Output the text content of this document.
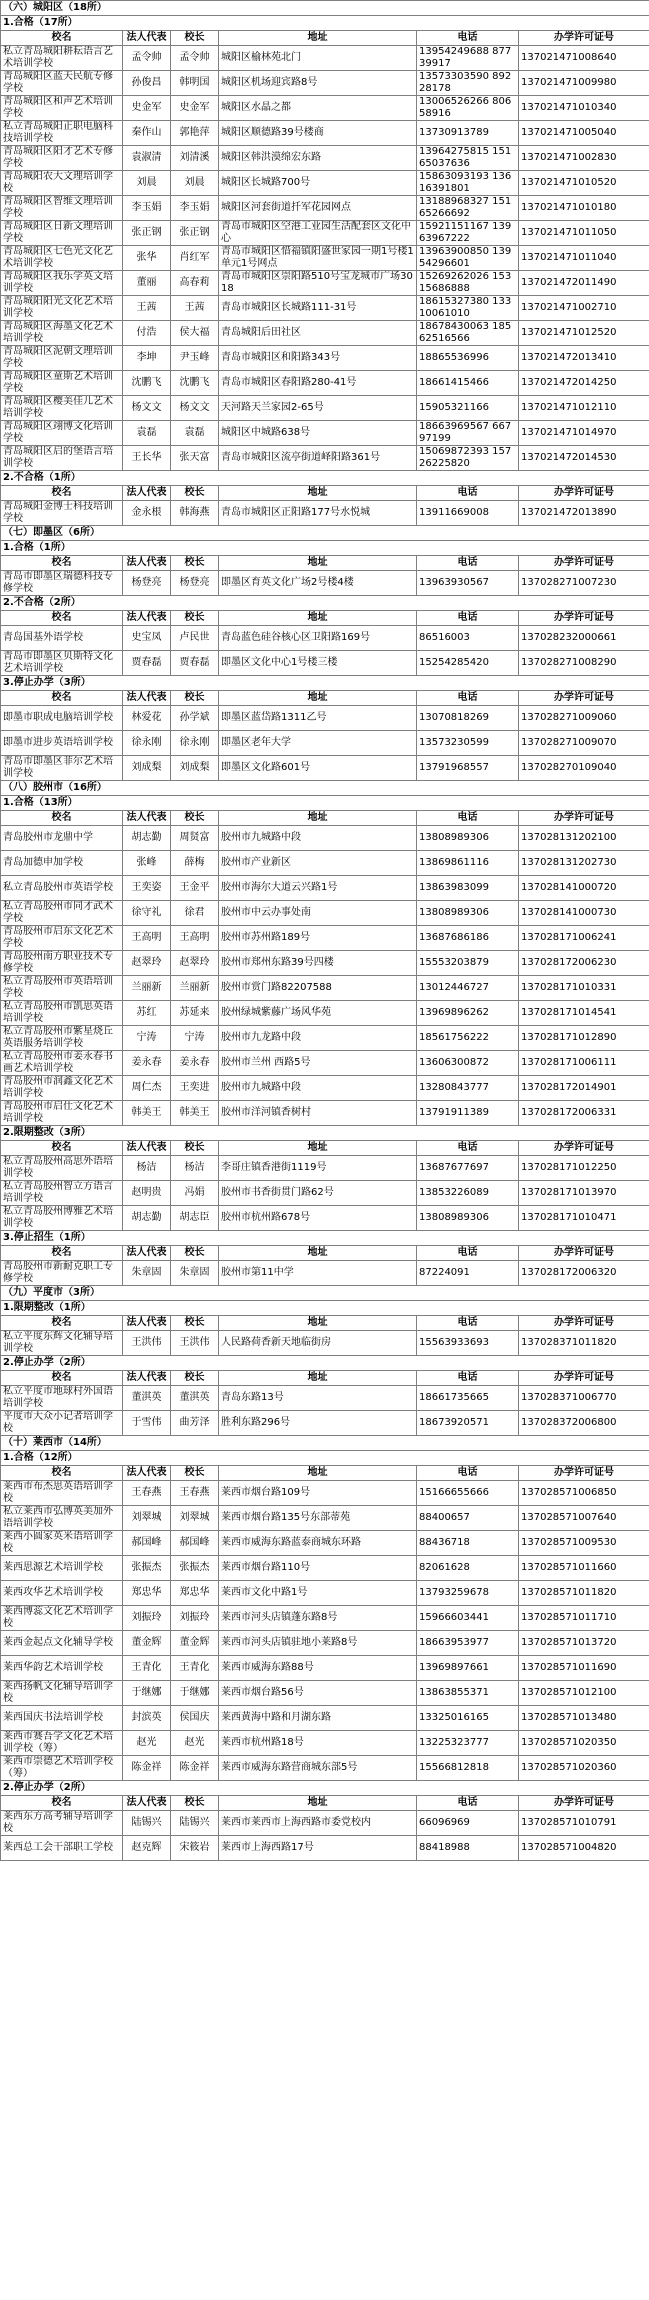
（六）城阳区（18所）					
1.合格（17所）					
校名	法人代表	校长	地址	电话	办学许可证号
私立青岛城阳耕耘语言艺术培训学校	孟令帅	孟令帅	城阳区榆林苑北门	13954249688 87739917	137021471008640
青岛城阳区蓝天民航专修学校	孙俊昌	韩明国	城阳区机场迎宾路8号	13573303590 89228178	137021471009980
青岛城阳区和声艺术培训学校	史金军	史金军	城阳区水晶之都	13006526266 80658916	137021471010340
私立青岛城阳正职电脑科技培训学校	秦作山	郭艳萍	城阳区顺德路39号楼商	13730913789	137021471005040
青岛城阳区阳才艺术专修学校	袁淑清	刘清溪	城阳区韩洪漠绵宏东路	13964275815 15165037636	137021471002830
青岛城阳农大文理培训学校	刘晨	刘晨	城阳区长城路700号	15863093193 13616391801	137021471010520
青岛城阳区智维文理培训学校	李玉娟	李玉娟	城阳区河套街道扦军花园网点	13188968327 15165266692	137021471010180
青岛城阳区日新文理培训学校	张正钢	张正钢	青岛市城阳区空港工业园生活配套区文化中心	15921151167 13963967222	137021471011050
青岛城阳区七色光文化艺术培训学校	张华	肖红军	青岛市城阳区惜福镇阳盛世家园一期1号楼1单元1号网点	13963900850 13954296601	137021471011040
青岛城阳区我乐学英文培训学校	董丽	高春莉	青岛市城阳区崇阳路510号宝龙城市广场3018	15269262026 15315686888	137021472011490
青岛城阳阳光文化艺术培训学校	王茜	王茜	青岛市城阳区长城路111-31号	18615327380 13310061010	137021471002710
青岛城阳区海墨文化艺术培训学校	付浩	侯大福	青岛城阳后田社区	18678430063 18562516566	137021471012520
青岛城阳区泥朝文理培训学校	李坤	尹玉峰	青岛市城阳区和阳路343号	18865536996	137021472013410
青岛城阳区童斯艺术培训学校	沈鹏飞	沈鹏飞	青岛市城阳区春阳路280-41号	18661415466	137021472014250
青岛城阳区樱美佳儿艺术培训学校	杨文文	杨文文	天河路天兰家园2-65号	15905321166	137021471012110
青岛城阳区翊博文化培训学校	袁磊	袁磊	城阳区中城路638号	18663969567 66797199	137021471014970
青岛城阳区启的堡语言培训学校	王长华	张天富	青岛市城阳区流亭街道峄阳路361号	15069872393 15726225820	137021472014530
2.不合格（1所）					
校名	法人代表	校长	地址	电话	办学许可证号
青岛城阳金博士科技培训学校	金永根	韩海燕	青岛市城阳区正阳路177号水悦城	13911669008	137021472013890
（七）即墨区（6所）					
1.合格（1所）					
校名	法人代表	校长	地址	电话	办学许可证号
青岛市即墨区瑞德科技专修学校	杨登亮	杨登亮	即墨区育英文化广场2号楼4楼	13963930567	137028271007230
2.不合格（2所）					
校名	法人代表	校长	地址	电话	办学许可证号
青岛国基外语学校	史宝凤	卢民世	青岛蓝色硅谷核心区卫阳路169号	86516003	137028232000661
青岛市即墨区贝斯特文化艺术培训学校	贾春磊	贾春磊	即墨区文化中心1号楼三楼	15254285420	137028271008290
3.停止办学（3所）					
校名	法人代表	校长	地址	电话	办学许可证号
即墨市职成电脑培训学校	林爱花	孙学斌	即墨区蓝岱路1311乙号	13070818269	137028271009060
即墨市进步英语培训学校	徐永刚	徐永刚	即墨区老年大学	13573230599	137028271009070
青岛市即墨区菲尔艺术培训学校	刘成梨	刘成梨	即墨区文化路601号	13791968557	137028270109040
（八）胶州市（16所）					
1.合格（13所）					
校名	法人代表	校长	地址	电话	办学许可证号
青岛胶州市龙鼎中学	胡志勤	周贤富	胶州市九城路中段	13808989306	137028131202100
青岛加德申加学校	张峰	薛梅	胶州市产业新区	13869861116	137028131202730
私立青岛胶州市英语学校	王奕姿	王金平	胶州市海尔大道云兴路1号	13863983099	137028141000720
私立青岛胶州市同才武术学校	徐守礼	徐君	胶州市中云办事处南	13808989306	137028141000730
青岛胶州市启东文化艺术学校	王高明	王高明	胶州市苏州路189号	13687686186	137028171006241
青岛胶州南方职业技术专修学校	赵翠玲	赵翠玲	胶州市郑州东路39号四楼	15553203879	137028172006230
私立青岛胶州市英语培训学校	兰丽新	兰丽新	胶州市赏门路82207588	13012446727	137028171010331
私立青岛胶州市凯思英语培训学校	苏红	苏延来	胶州绿城紫藤广场风华苑	13969896262	137028171014541
私立青岛胶州市紫星烧丘英语服务培训学校	宁涛	宁涛	胶州市九龙路中段	18561756222	137028171012890
私立青岛胶州市姜永春书画艺术培训学校	姜永春	姜永春	胶州市兰州 西路5号	13606300872	137028171006111
青岛胶州市润鑫文化艺术培训学校	周仁杰	王奕进	胶州市九城路中段	13280843777	137028172014901
青岛胶州市启仕文化艺术培训学校	韩美王	韩美王	胶州市洋河镇香树村	13791911389	137028172006331
2.限期整改（3所）					
校名	法人代表	校长	地址	电话	办学许可证号
私立青岛胶州高思外语培训学校	杨洁	杨洁	李哥庄镇香港街1119号	13687677697	137028171012250
私立青岛胶州智立方语言培训学校	赵明贵	冯娟	胶州市书香街贯门路62号	13853226089	137028171013970
私立青岛胶州博雅艺术培训学校	胡志勤	胡志臣	胶州市杭州路678号	13808989306	137028171010471
3.停止招生（1所）					
校名	法人代表	校长	地址	电话	办学许可证号
青岛胶州市新耐克职工专修学校	朱章固	朱章固	胶州市第11中学	87224091	137028172006320
（九）平度市（3所）					
1.限期整改（1所）					
校名	法人代表	校长	地址	电话	办学许可证号
私立平度东辉文化辅导培训学校	王洪伟	王洪伟	人民路荷香新天地临街房	15563933693	137028371011820
2.停止办学（2所）					
校名	法人代表	校长	地址	电话	办学许可证号
私立平度市地球村外国语培训学校	董淇英	董淇英	青岛东路13号	18661735665	137028371006770
平度市大众小记者培训学校	于雪伟	曲芳泽	胜利东路296号	18673920571	137028372006800
（十）莱西市（14所）					
1.合格（12所）					
校名	法人代表	校长	地址	电话	办学许可证号
莱西市布杰思英语培训学校	王春燕	王春燕	莱西市烟台路109号	15166655666	137028571006850
私立莱西市弘博英美加外语培训学校	刘翠城	刘翠城	莱西市烟台路135号东部蒂苑	88400657	137028571007640
莱西小圆家英米语培训学校	郝国峰	郝国峰	莱西市威海东路蓝泰商城东环路	88436718	137028571009530
莱西思源艺术培训学校	张振杰	张振杰	莱西市烟台路110号	82061628	137028571011660
莱西攻华艺术培训学校	郑忠华	郑忠华	莱西市文化中路1号	13793259678	137028571011820
莱西博蕊文化艺术培训学校	刘振玲	刘振玲	莱西市河头店镇蓬东路8号	15966603441	137028571011710
莱西金起点文化辅导学校	董金辉	董金辉	莱西市河头店镇驻地小莱路8号	18663953977	137028571013720
莱西华韵艺术培训学校	王青化	王青化	莱西市威海东路88号	13969897661	137028571011690
莱西扬帆文化辅导培训学校	于继娜	于继娜	莱西市烟台路56号	13863855371	137028571012100
莱西国庆书法培训学校	封滨英	侯国庆	莱西黄海中路和月湖东路	13325016165	137028571013480
莱西市赛吾学文化艺术培训学校（筹）	赵光	赵光	莱西市杭州路18号	13225323777	137028571020350
莱西市崇德艺术培训学校（筹）	陈金祥	陈金祥	莱西市威海东路营商城东部5号	15566812818	137028571020360
2.停止办学（2所）					
校名	法人代表	校长	地址	电话	办学许可证号
莱西东方高考辅导培训学校	陆锡兴	陆锡兴	莱西市莱西市上海西路市委党校内	66096969	137028571010791
莱西总工会干部职工学校	赵克辉	宋筱岩	莱西市上海西路17号	88418988	137028571004820
